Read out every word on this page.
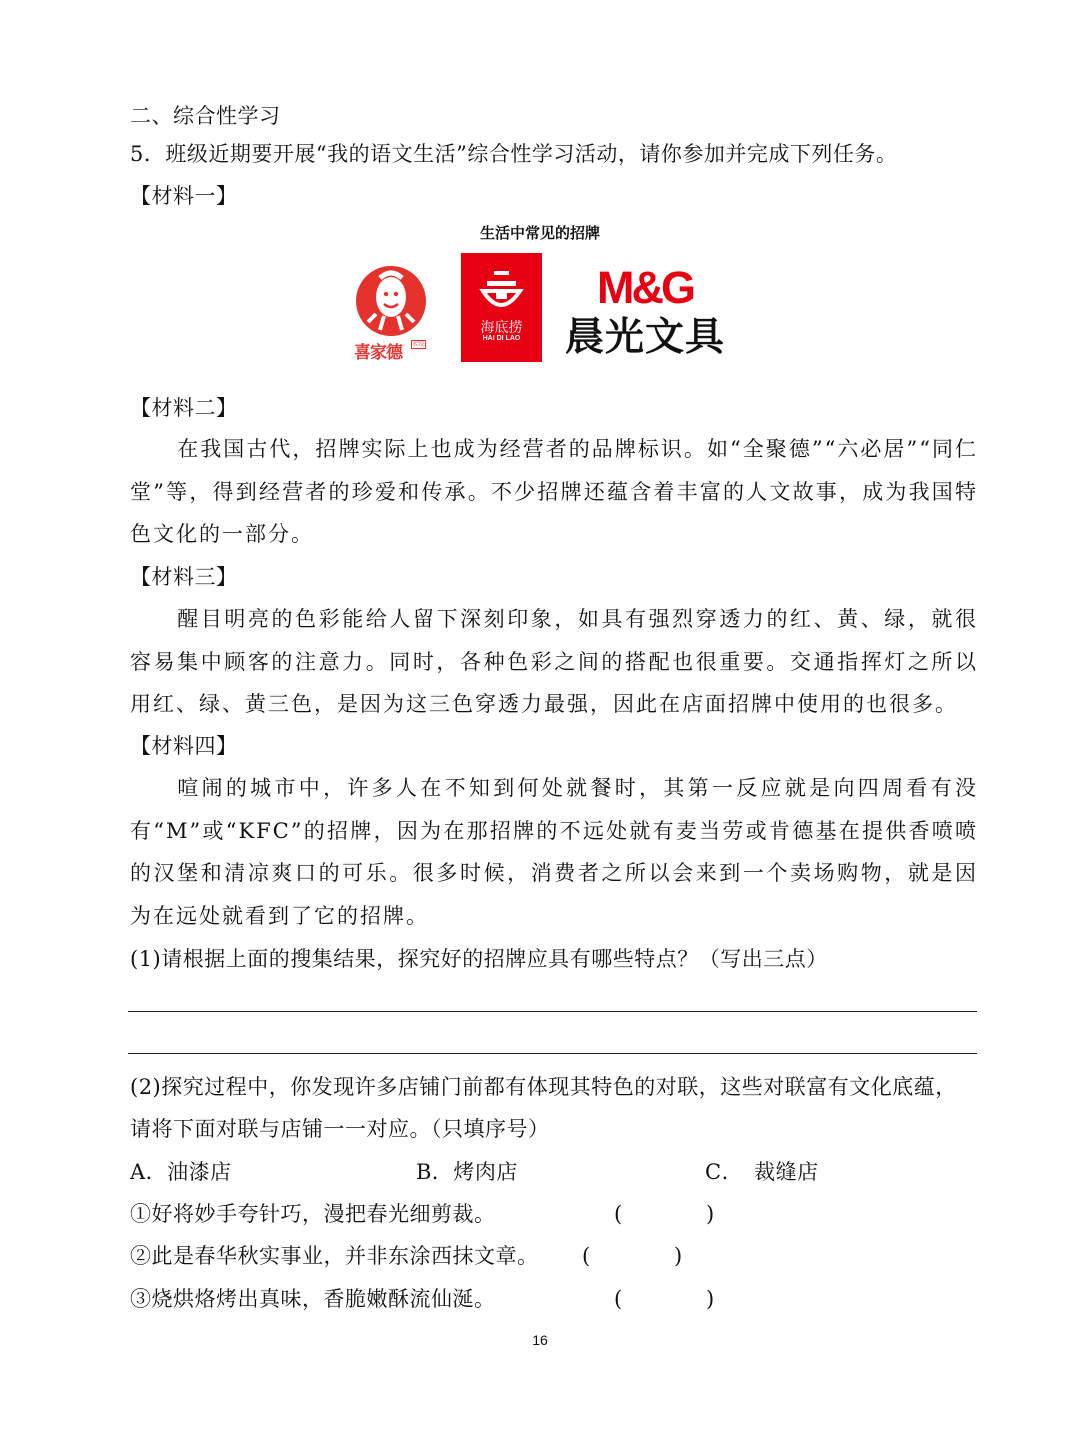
二、综合性学习
5．班级近期要开展“我的语文生活”综合性学习活动，请你参加并完成下列任务。
【材料一】
生活中常见的招牌
喜家德 水饺
海底捞
HAI DI LAO
M&G
晨光文具
【材料二】
在我国古代，招牌实际上也成为经营者的品牌标识。如“全聚德”“六必居”“同仁堂”等，得到经营者的珍爱和传承。不少招牌还蕴含着丰富的人文故事，成为我国特色文化的一部分。
【材料三】
醒目明亮的色彩能给人留下深刻印象，如具有强烈穿透力的红、黄、绿，就很容易集中顾客的注意力。同时，各种色彩之间的搭配也很重要。交通指挥灯之所以用红、绿、黄三色，是因为这三色穿透力最强，因此在店面招牌中使用的也很多。
【材料四】
喧闹的城市中，许多人在不知到何处就餐时，其第一反应就是向四周看有没有“M”或“KFC”的招牌，因为在那招牌的不远处就有麦当劳或肯德基在提供香喷喷的汉堡和清凉爽口的可乐。很多时候，消费者之所以会来到一个卖场购物，就是因为在远处就看到了它的招牌。
(1)请根据上面的搜集结果，探究好的招牌应具有哪些特点？（写出三点）
(2)探究过程中，你发现许多店铺门前都有体现其特色的对联，这些对联富有文化底蕴，
请将下面对联与店铺一一对应。（只填序号）
A．油漆店	B．烤肉店	C．　裁缝店
①好将妙手夸针巧，漫把春光细剪裁。	(	)
②此是春华秋实事业，并非东涂西抹文章。 (	)
③烧烘烙烤出真味，香脆嫩酥流仙涎。	(	)
16
